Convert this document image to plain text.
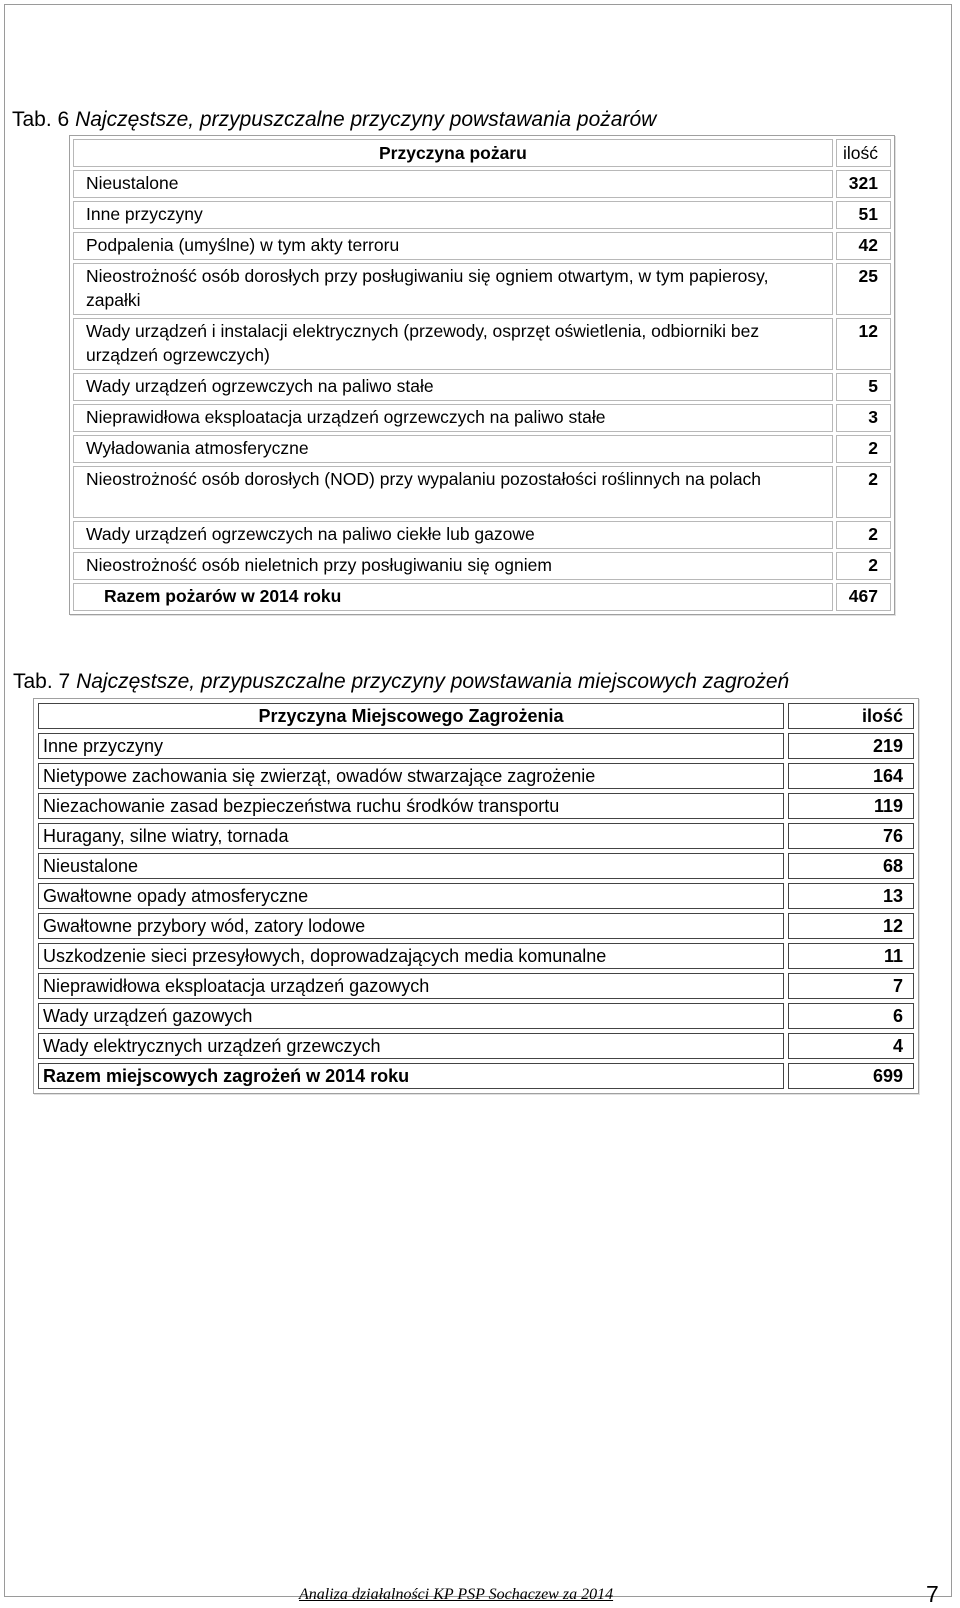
Tab. 6 Najczęstsze, przypuszczalne przyczyny powstawania pożarów
Przyczyna pożaru	ilość
Nieustalone	321
Inne przyczyny	51
Podpalenia (umyślne) w tym akty terroru	42
Nieostrożność osób dorosłych przy posługiwaniu się ogniem otwartym, w tym papierosy, zapałki	25
Wady urządzeń i instalacji elektrycznych (przewody, osprzęt oświetlenia, odbiorniki bez urządzeń ogrzewczych)	12
Wady urządzeń ogrzewczych na paliwo stałe	5
Nieprawidłowa eksploatacja urządzeń ogrzewczych na paliwo stałe	3
Wyładowania atmosferyczne	2
Nieostrożność osób dorosłych (NOD) przy wypalaniu pozostałości roślinnych na polach	2
Wady urządzeń ogrzewczych na paliwo ciekłe lub gazowe	2
Nieostrożność osób nieletnich przy posługiwaniu się ogniem	2
Razem pożarów w 2014 roku	467
Tab. 7 Najczęstsze, przypuszczalne przyczyny powstawania miejscowych zagrożeń
Przyczyna Miejscowego Zagrożenia	ilość
Inne przyczyny	219
Nietypowe zachowania się zwierząt, owadów stwarzające zagrożenie	164
Niezachowanie zasad bezpieczeństwa ruchu środków transportu	119
Huragany, silne wiatry, tornada	76
Nieustalone	68
Gwałtowne opady atmosferyczne	13
Gwałtowne przybory wód, zatory lodowe	12
Uszkodzenie sieci przesyłowych, doprowadzających media komunalne	11
Nieprawidłowa eksploatacja urządzeń gazowych	7
Wady urządzeń gazowych	6
Wady elektrycznych urządzeń grzewczych	4
Razem miejscowych zagrożeń w 2014 roku	699
Analiza działalności KP PSP Sochaczew za 2014	7
